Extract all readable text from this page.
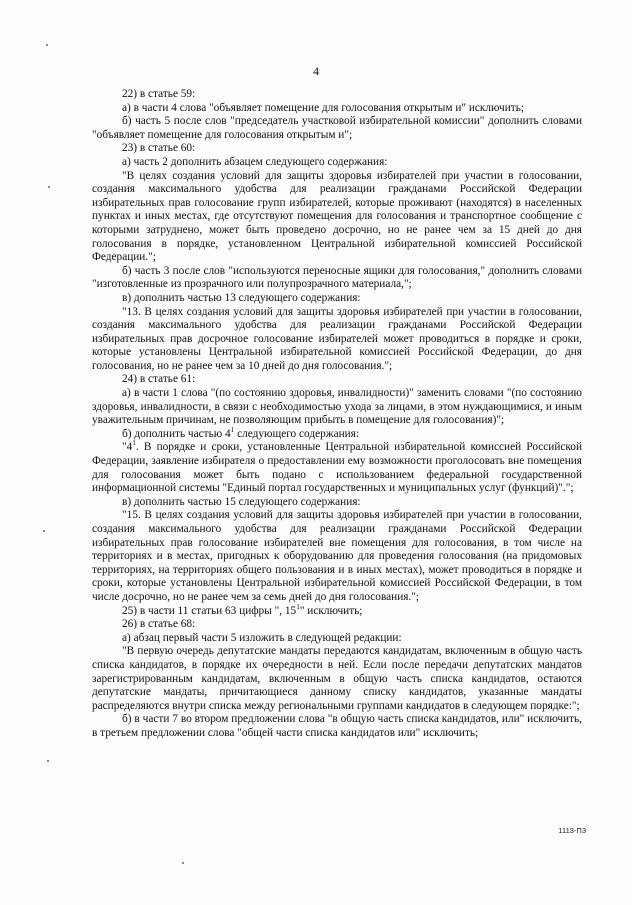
4

22) в статье 59:

а) в части 4 слова "объявляет помещение для голосования открытым и" исключить;

б) часть 5 после слов "председатель участковой избирательной комиссии" дополнить словами "объявляет помещение для голосования открытым и";

23) в статье 60:

а) часть 2 дополнить абзацем следующего содержания:

"В целях создания условий для защиты здоровья избирателей при участии в голосовании, создания максимального удобства для реализации гражданами Российской Федерации избирательных прав голосование групп избирателей, которые проживают (находятся) в населенных пунктах и иных местах, где отсутствуют помещения для голосования и транспортное сообщение с которыми затруднено, может быть проведено досрочно, но не ранее чем за 15 дней до дня голосования в порядке, установленном Центральной избирательной комиссией Российской Федерации.";

б) часть 3 после слов "используются переносные ящики для голосования," дополнить словами "изготовленные из прозрачного или полупрозрачного материала,";

в) дополнить частью 13 следующего содержания:

"13. В целях создания условий для защиты здоровья избирателей при участии в голосовании, создания максимального удобства для реализации гражданами Российской Федерации избирательных прав досрочное голосование избирателей может проводиться в порядке и сроки, которые установлены Центральной избирательной комиссией Российской Федерации, до дня голосования, но не ранее чем за 10 дней до дня голосования.";

24) в статье 61:

а) в части 1 слова "(по состоянию здоровья, инвалидности)" заменить словами "(по состоянию здоровья, инвалидности, в связи с необходимостью ухода за лицами, в этом нуждающимися, и иным уважительным причинам, не позволяющим прибыть в помещение для голосования)";

б) дополнить частью $4^1$ следующего содержания:

"$4^1$. В порядке и сроки, установленные Центральной избирательной комиссией Российской Федерации, заявление избирателя о предоставлении ему возможности проголосовать вне помещения для голосования может быть подано с использованием федеральной государственной информационной системы "Единый портал государственных и муниципальных услуг (функций)".";

в) дополнить частью 15 следующего содержания:

"15. В целях создания условий для защиты здоровья избирателей при участии в голосовании, создания максимального удобства для реализации гражданами Российской Федерации избирательных прав голосование избирателей вне помещения для голосования, в том числе на территориях и в местах, пригодных к оборудованию для проведения голосования (на придомовых территориях, на территориях общего пользования и в иных местах), может проводиться в порядке и сроки, которые установлены Центральной избирательной комиссией Российской Федерации, в том числе досрочно, но не ранее чем за семь дней до дня голосования.";

25) в части 11 статьи 63 цифры ", $15^1$" исключить;

26) в статье 68:

а) абзац первый части 5 изложить в следующей редакции:

"В первую очередь депутатские мандаты передаются кандидатам, включенным в общую часть списка кандидатов, в порядке их очередности в ней. Если после передачи депутатских мандатов зарегистрированным кандидатам, включенным в общую часть списка кандидатов, остаются депутатские мандаты, причитающиеся данному списку кандидатов, указанные мандаты распределяются внутри списка между региональными группами кандидатов в следующем порядке:";

б) в части 7 во втором предложении слова "в общую часть списка кандидатов, или" исключить, в третьем предложении слова "общей части списка кандидатов или" исключить;

1113-П3
